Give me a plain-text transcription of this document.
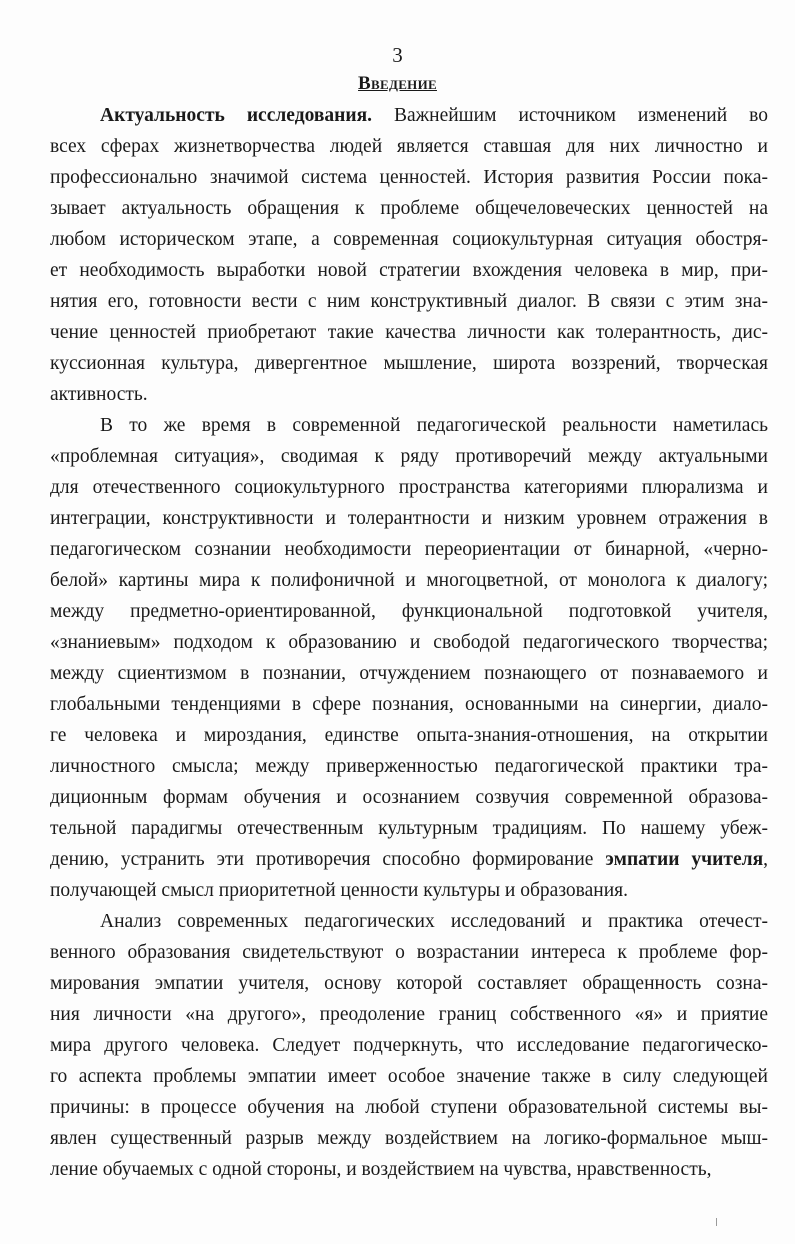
3
Введение
Актуальность исследования. Важнейшим источником изменений во
всех сферах жизнетворчества людей является ставшая для них личностно и
профессионально значимой система ценностей. История развития России пока-
зывает актуальность обращения к проблеме общечеловеческих ценностей на
любом историческом этапе, а современная социокультурная ситуация обостря-
ет необходимость выработки новой стратегии вхождения человека в мир, при-
нятия его, готовности вести с ним конструктивный диалог. В связи с этим зна-
чение ценностей приобретают такие качества личности как толерантность, дис-
куссионная культура, дивергентное мышление, широта воззрений, творческая
активность.
В то же время в современной педагогической реальности наметилась
«проблемная ситуация», сводимая к ряду противоречий между актуальными
для отечественного социокультурного пространства категориями плюрализма и
интеграции, конструктивности и толерантности и низким уровнем отражения в
педагогическом сознании необходимости переориентации от бинарной, «черно-
белой» картины мира к полифоничной и многоцветной, от монолога к диалогу;
между предметно-ориентированной, функциональной подготовкой учителя,
«знаниевым» подходом к образованию и свободой педагогического творчества;
между сциентизмом в познании, отчуждением познающего от познаваемого и
глобальными тенденциями в сфере познания, основанными на синергии, диало-
ге человека и мироздания, единстве опыта-знания-отношения, на открытии
личностного смысла; между приверженностью педагогической практики тра-
диционным формам обучения и осознанием созвучия современной образова-
тельной парадигмы отечественным культурным традициям. По нашему убеж-
дению, устранить эти противоречия способно формирование эмпатии учителя,
получающей смысл приоритетной ценности культуры и образования.
Анализ современных педагогических исследований и практика отечест-
венного образования свидетельствуют о возрастании интереса к проблеме фор-
мирования эмпатии учителя, основу которой составляет обращенность созна-
ния личности «на другого», преодоление границ собственного «я» и приятие
мира другого человека. Следует подчеркнуть, что исследование педагогическо-
го аспекта проблемы эмпатии имеет особое значение также в силу следующей
причины: в процессе обучения на любой ступени образовательной системы вы-
явлен существенный разрыв между воздействием на логико-формальное мыш-
ление обучаемых с одной стороны, и воздействием на чувства, нравственность,
